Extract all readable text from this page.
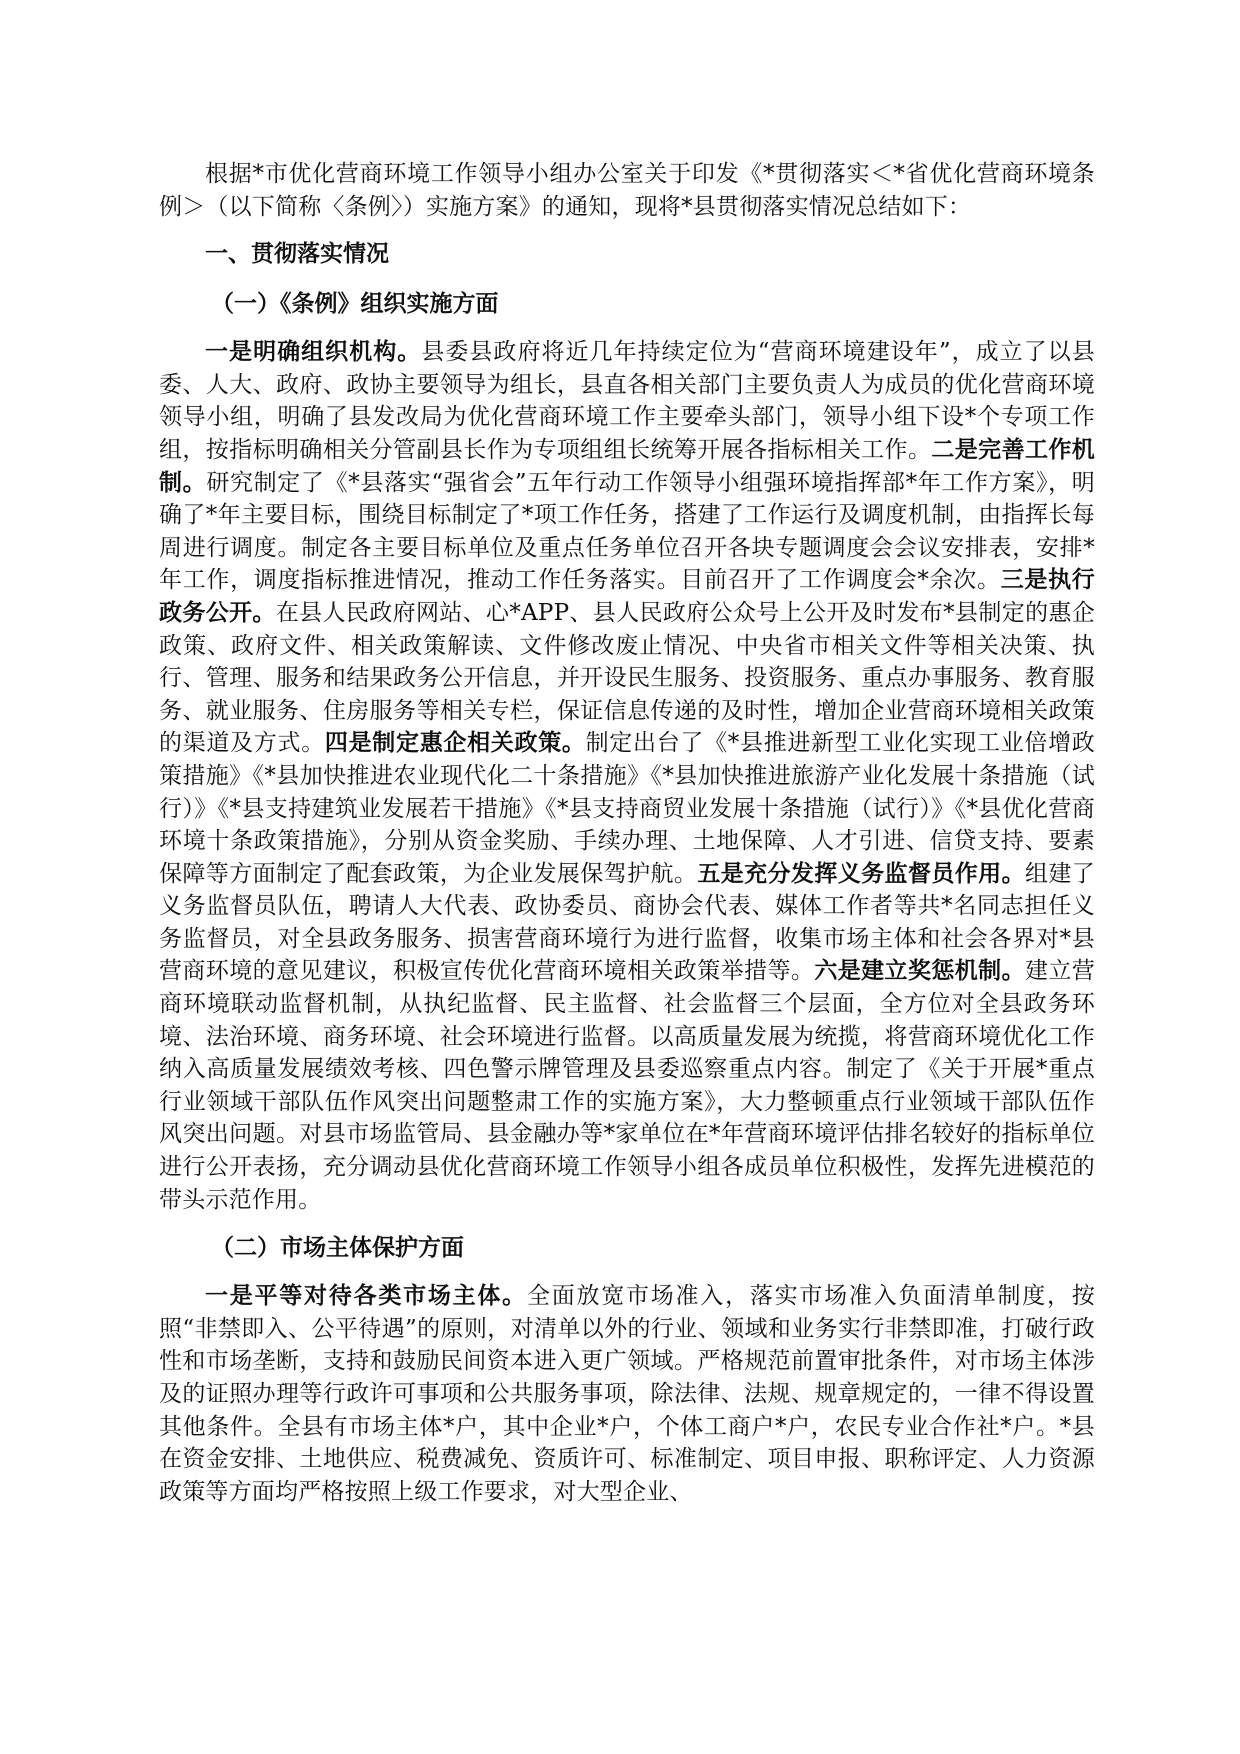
根据*市优化营商环境工作领导小组办公室关于印发《*贯彻落实＜*省优化营商环境条例＞（以下简称〈条例〉）实施方案》的通知，现将*县贯彻落实情况总结如下：

一、贯彻落实情况
（一）《条例》组织实施方面

一是明确组织机构。县委县政府将近几年持续定位为“营商环境建设年”，成立了以县委、人大、政府、政协主要领导为组长，县直各相关部门主要负责人为成员的优化营商环境领导小组，明确了县发改局为优化营商环境工作主要牵头部门，领导小组下设*个专项工作组，按指标明确相关分管副县长作为专项组组长统筹开展各指标相关工作。二是完善工作机制。研究制定了《*县落实“强省会”五年行动工作领导小组强环境指挥部*年工作方案》，明确了*年主要目标，围绕目标制定了*项工作任务，搭建了工作运行及调度机制，由指挥长每周进行调度。制定各主要目标单位及重点任务单位召开各块专题调度会会议安排表，安排*年工作，调度指标推进情况，推动工作任务落实。目前召开了工作调度会*余次。三是执行政务公开。在县人民政府网站、心*APP、县人民政府公众号上公开及时发布*县制定的惠企政策、政府文件、相关政策解读、文件修改废止情况、中央省市相关文件等相关决策、执行、管理、服务和结果政务公开信息，并开设民生服务、投资服务、重点办事服务、教育服务、就业服务、住房服务等相关专栏，保证信息传递的及时性，增加企业营商环境相关政策的渠道及方式。四是制定惠企相关政策。制定出台了《*县推进新型工业化实现工业倍增政策措施》《*县加快推进农业现代化二十条措施》《*县加快推进旅游产业化发展十条措施（试行）》《*县支持建筑业发展若干措施》《*县支持商贸业发展十条措施（试行）》《*县优化营商环境十条政策措施》，分别从资金奖励、手续办理、土地保障、人才引进、信贷支持、要素保障等方面制定了配套政策，为企业发展保驾护航。五是充分发挥义务监督员作用。组建了义务监督员队伍，聘请人大代表、政协委员、商协会代表、媒体工作者等共*名同志担任义务监督员，对全县政务服务、损害营商环境行为进行监督，收集市场主体和社会各界对*县营商环境的意见建议，积极宣传优化营商环境相关政策举措等。六是建立奖惩机制。建立营商环境联动监督机制，从执纪监督、民主监督、社会监督三个层面，全方位对全县政务环境、法治环境、商务环境、社会环境进行监督。以高质量发展为统揽，将营商环境优化工作纳入高质量发展绩效考核、四色警示牌管理及县委巡察重点内容。制定了《关于开展*重点行业领域干部队伍作风突出问题整肃工作的实施方案》，大力整顿重点行业领域干部队伍作风突出问题。对县市场监管局、县金融办等*家单位在*年营商环境评估排名较好的指标单位进行公开表扬，充分调动县优化营商环境工作领导小组各成员单位积极性，发挥先进模范的带头示范作用。

（二）市场主体保护方面

一是平等对待各类市场主体。全面放宽市场准入，落实市场准入负面清单制度，按照“非禁即入、公平待遇”的原则，对清单以外的行业、领域和业务实行非禁即准，打破行政性和市场垄断，支持和鼓励民间资本进入更广领域。严格规范前置审批条件，对市场主体涉及的证照办理等行政许可事项和公共服务事项，除法律、法规、规章规定的，一律不得设置其他条件。全县有市场主体*户，其中企业*户，个体工商户*户，农民专业合作社*户。*县在资金安排、土地供应、税费减免、资质许可、标准制定、项目申报、职称评定、人力资源政策等方面均严格按照上级工作要求，对大型企业、
